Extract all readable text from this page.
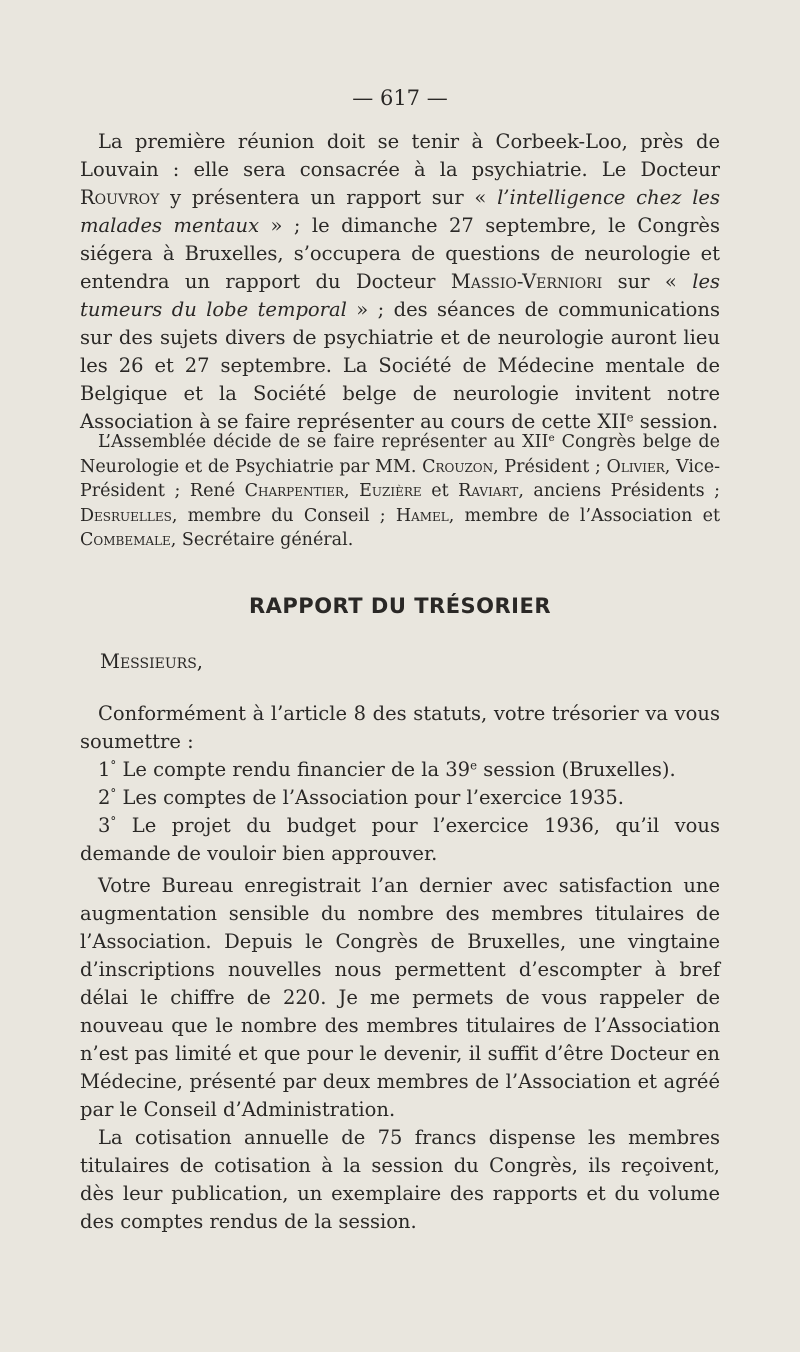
— 617 —

La première réunion doit se tenir à Corbeek-Loo, près de Louvain : elle sera consacrée à la psychiatrie. Le Docteur Rouvroy y présentera un rapport sur « l’intelligence chez les malades mentaux » ; le dimanche 27 septembre, le Congrès siégera à Bruxelles, s’occupera de questions de neurologie et entendra un rapport du Docteur Massio-Verniori sur « les tumeurs du lobe temporal » ; des séances de communications sur des sujets divers de psychiatrie et de neurologie auront lieu les 26 et 27 septembre. La Société de Médecine mentale de Belgique et la Société belge de neurologie invitent notre Association à se faire représenter au cours de cette XIIe session.

L’Assemblée décide de se faire représenter au XIIe Congrès belge de Neurologie et de Psychiatrie par MM. Crouzon, Président ; Olivier, Vice-Président ; René Charpentier, Euzière et Raviart, anciens Présidents ; Desruelles, membre du Conseil ; Hamel, membre de l’Association et Combemale, Secrétaire général.

RAPPORT DU TRÉSORIER

Messieurs,

Conformément à l’article 8 des statuts, votre trésorier va vous soumettre :

1° Le compte rendu financier de la 39e session (Bruxelles).

2° Les comptes de l’Association pour l’exercice 1935.

3° Le projet du budget pour l’exercice 1936, qu’il vous demande de vouloir bien approuver.

Votre Bureau enregistrait l’an dernier avec satisfaction une augmentation sensible du nombre des membres titulaires de l’Association. Depuis le Congrès de Bruxelles, une vingtaine d’inscriptions nouvelles nous permettent d’escompter à bref délai le chiffre de 220. Je me permets de vous rappeler de nouveau que le nombre des membres titulaires de l’Association n’est pas limité et que pour le devenir, il suffit d’être Docteur en Médecine, présenté par deux membres de l’Association et agréé par le Conseil d’Administration.

La cotisation annuelle de 75 francs dispense les membres titulaires de cotisation à la session du Congrès, ils reçoivent, dès leur publication, un exemplaire des rapports et du volume des comptes rendus de la session.
